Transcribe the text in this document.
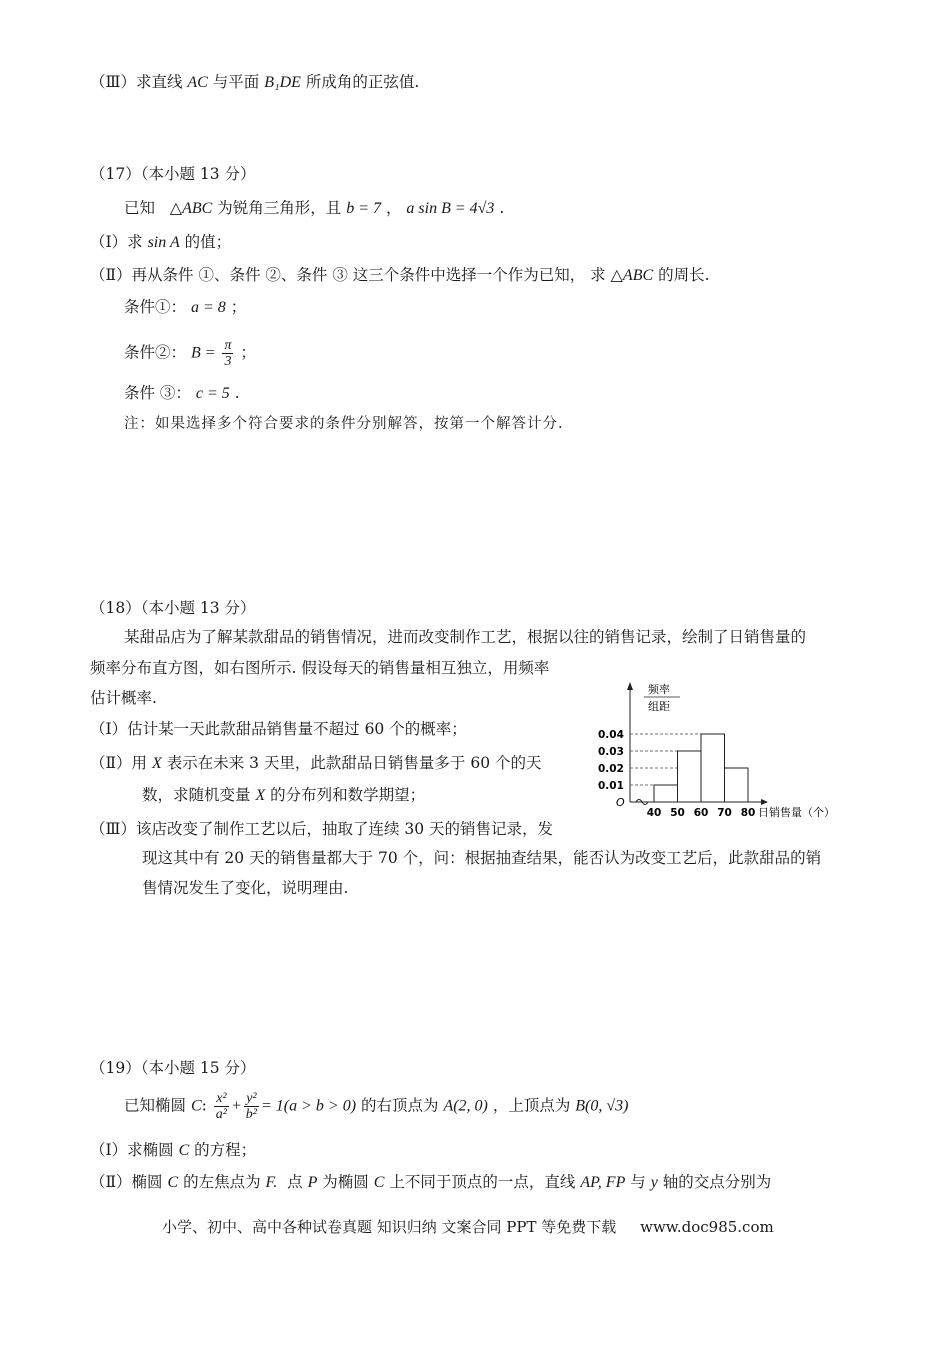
（Ⅲ）求直线 AC 与平面 B₁DE 所成角的正弦值.
（17）（本小题 13 分）
已知 △ABC 为锐角三角形，且 b = 7 ， a sin B = 4√3 .
（Ⅰ）求 sin A 的值；
（Ⅱ）再从条件 ①、条件 ②、条件 ③ 这三个条件中选择一个作为已知， 求 △ABC 的周长.
条件①： a = 8 ；
条件②： $B = \frac{\pi}{3}$ ；
条件 ③： c = 5 .
注：如果选择多个符合要求的条件分别解答，按第一个解答计分.
（18）（本小题 13 分）
某甜品店为了解某款甜品的销售情况，进而改变制作工艺，根据以往的销售记录，绘制了日销售量的
频率分布直方图，如右图所示. 假设每天的销售量相互独立，用频率
估计概率.
（Ⅰ）估计某一天此款甜品销售量不超过 60 个的概率；
（Ⅱ）用 X 表示在未来 3 天里，此款甜品日销售量多于 60 个的天
数，求随机变量 X 的分布列和数学期望；
（Ⅲ）该店改变了制作工艺以后，抽取了连续 30 天的销售记录，发
现这其中有 20 天的销售量都大于 70 个，问：根据抽查结果，能否认为改变工艺后，此款甜品的销
售情况发生了变化，说明理由.
频率
组距
O
0.01
0.02
0.03
0.04
40 50 60 70 80 日销售量（个）
（19）（本小题 15 分）
已知椭圆 C: $\frac{\text{x²}}{\text{a²}} + \frac{\text{y²}}{\text{b²}} = 1(a > b > 0)$ 的右顶点为 A(2, 0) ，上顶点为 B(0, √3)
（Ⅰ）求椭圆 C 的方程；
（Ⅱ）椭圆 C 的左焦点为 F. 点 P 为椭圆 C 上不同于顶点的一点，直线 AP, FP 与 y 轴的交点分别为
小学、初中、高中各种试卷真题 知识归纳 文案合同 PPT 等免费下载 www.doc985.com
